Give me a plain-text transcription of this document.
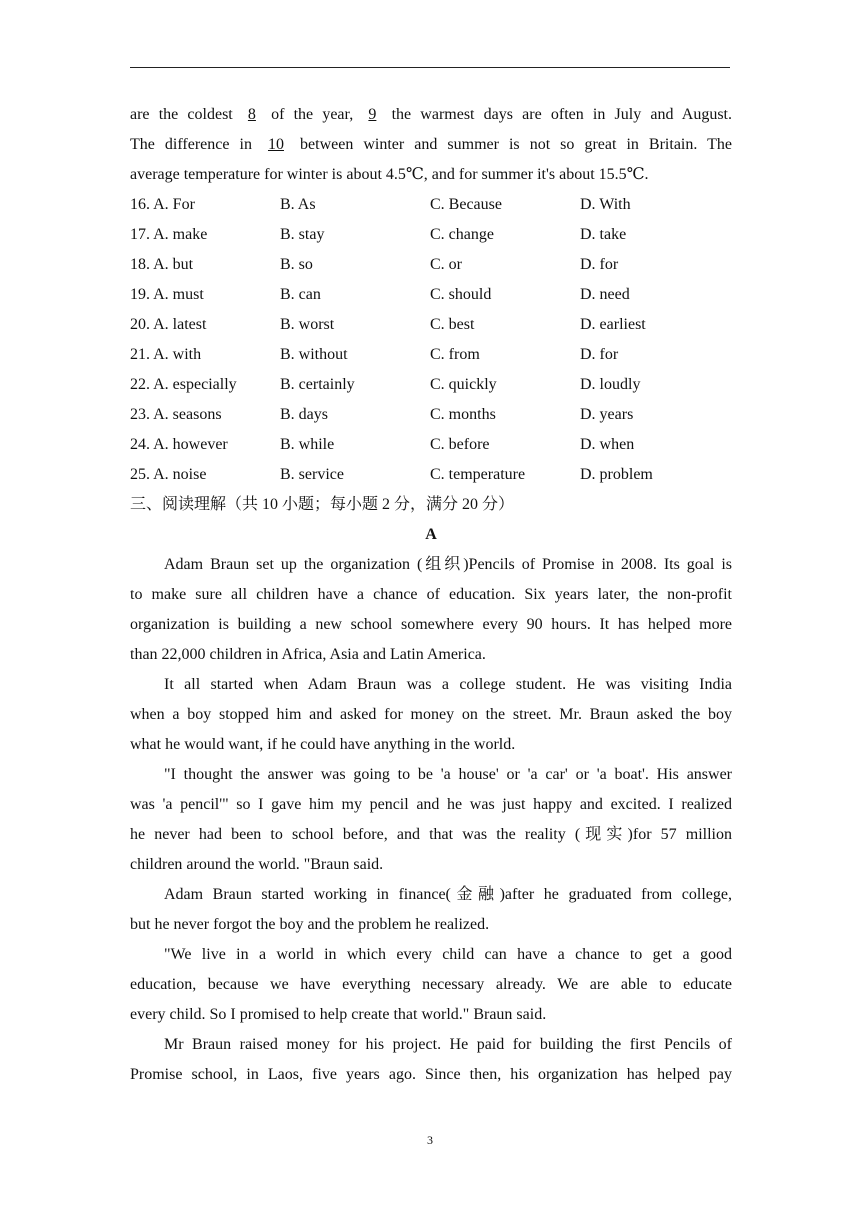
are the coldest 8 of the year, 9 the warmest days are often in July and August.

The difference in 10 between winter and summer is not so great in Britain. The

average temperature for winter is about 4.5℃, and for summer it's about 15.5℃.

16. A. For	B. As	C. Because	D. With
17. A. make	B. stay	C. change	D. take
18. A. but	B. so	C. or	D. for
19. A. must	B. can	C. should	D. need
20. A. latest	B. worst	C. best	D. earliest
21. A. with	B. without	C. from	D. for
22. A. especially	B. certainly	C. quickly	D. loudly
23. A. seasons	B. days	C. months	D. years
24. A. however	B. while	C. before	D. when
25. A. noise	B. service	C. temperature	D. problem

三、阅读理解（共 10 小题；每小题 2 分，满分 20 分）

A

Adam Braun set up the organization (组织)Pencils of Promise in 2008. Its goal is

to make sure all children have a chance of education. Six years later, the non-profit

organization is building a new school somewhere every 90 hours. It has helped more

than 22,000 children in Africa, Asia and Latin America.

It all started when Adam Braun was a college student. He was visiting India

when a boy stopped him and asked for money on the street. Mr. Braun asked the boy

what he would want, if he could have anything in the world.

"I thought the answer was going to be 'a house' or 'a car' or 'a boat'. His answer

was 'a pencil'" so I gave him my pencil and he was just happy and excited. I realized

he never had been to school before, and that was the reality (现实)for 57 million

children around the world. "Braun said.

Adam Braun started working in finance(金融)after he graduated from college,

but he never forgot the boy and the problem he realized.

"We live in a world in which every child can have a chance to get a good

education, because we have everything necessary already. We are able to educate

every child. So I promised to help create that world." Braun said.

Mr Braun raised money for his project. He paid for building the first Pencils of

Promise school, in Laos, five years ago. Since then, his organization has helped pay

3
